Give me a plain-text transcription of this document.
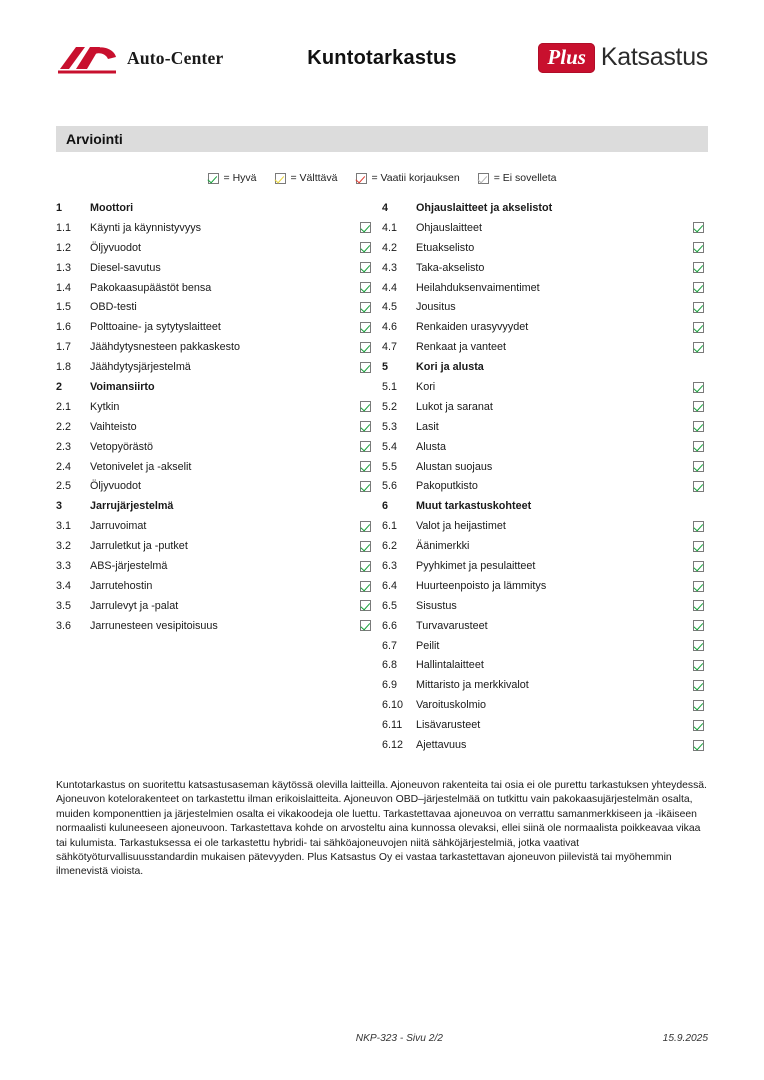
Auto-Center	Kuntotarkastus	Plus Katsastus
Arviointi
= Hyvä	= Välttävä	= Vaatii korjauksen	= Ei sovelleta
1	Moottori
1.1	Käynti ja käynnistyvyys
1.2	Öljyvuodot
1.3	Diesel-savutus
1.4	Pakokaasupäästöt bensa
1.5	OBD-testi
1.6	Polttoaine- ja sytytyslaitteet
1.7	Jäähdytysnesteen pakkaskesto
1.8	Jäähdytysjärjestelmä
2	Voimansiirto
2.1	Kytkin
2.2	Vaihteisto
2.3	Vetopyörästö
2.4	Vetonivelet ja -akselit
2.5	Öljyvuodot
3	Jarrujärjestelmä
3.1	Jarruvoimat
3.2	Jarruletkut ja -putket
3.3	ABS-järjestelmä
3.4	Jarrutehostin
3.5	Jarrulevyt ja -palat
3.6	Jarrunesteen vesipitoisuus
4	Ohjauslaitteet ja akselistot
4.1	Ohjauslaitteet
4.2	Etuakselisto
4.3	Taka-akselisto
4.4	Heilahduksenvaimentimet
4.5	Jousitus
4.6	Renkaiden urasyvyydet
4.7	Renkaat ja vanteet
5	Kori ja alusta
5.1	Kori
5.2	Lukot ja saranat
5.3	Lasit
5.4	Alusta
5.5	Alustan suojaus
5.6	Pakoputkisto
6	Muut tarkastuskohteet
6.1	Valot ja heijastimet
6.2	Äänimerkki
6.3	Pyyhkimet ja pesulaitteet
6.4	Huurteenpoisto ja lämmitys
6.5	Sisustus
6.6	Turvavarusteet
6.7	Peilit
6.8	Hallintalaitteet
6.9	Mittaristo ja merkkivalot
6.10	Varoituskolmio
6.11	Lisävarusteet
6.12	Ajettavuus

Kuntotarkastus on suoritettu katsastusaseman käytössä olevilla laitteilla. Ajoneuvon rakenteita tai osia ei ole purettu tarkastuksen yhteydessä. Ajoneuvon kotelorakenteet on tarkastettu ilman erikoislaitteita. Ajoneuvon OBD–järjestelmää on tutkittu vain pakokaasujärjestelmän osalta, muiden komponenttien ja järjestelmien osalta ei vikakoodeja ole luettu. Tarkastettavaa ajoneuvoa on verrattu samanmerkkiseen ja -ikäiseen normaalisti kuluneeseen ajoneuvoon. Tarkastettava kohde on arvosteltu aina kunnossa olevaksi, ellei siinä ole normaalista poikkeavaa vikaa tai kulumista. Tarkastuksessa ei ole tarkastettu hybridi- tai sähköajoneuvojen niitä sähköjärjestelmiä, jotka vaativat sähkötyöturvallisuusstandardin mukaisen pätevyyden. Plus Katsastus Oy ei vastaa tarkastettavan ajoneuvon piilevistä tai myöhemmin ilmenevistä vioista.

NKP-323 - Sivu 2/2	15.9.2025
